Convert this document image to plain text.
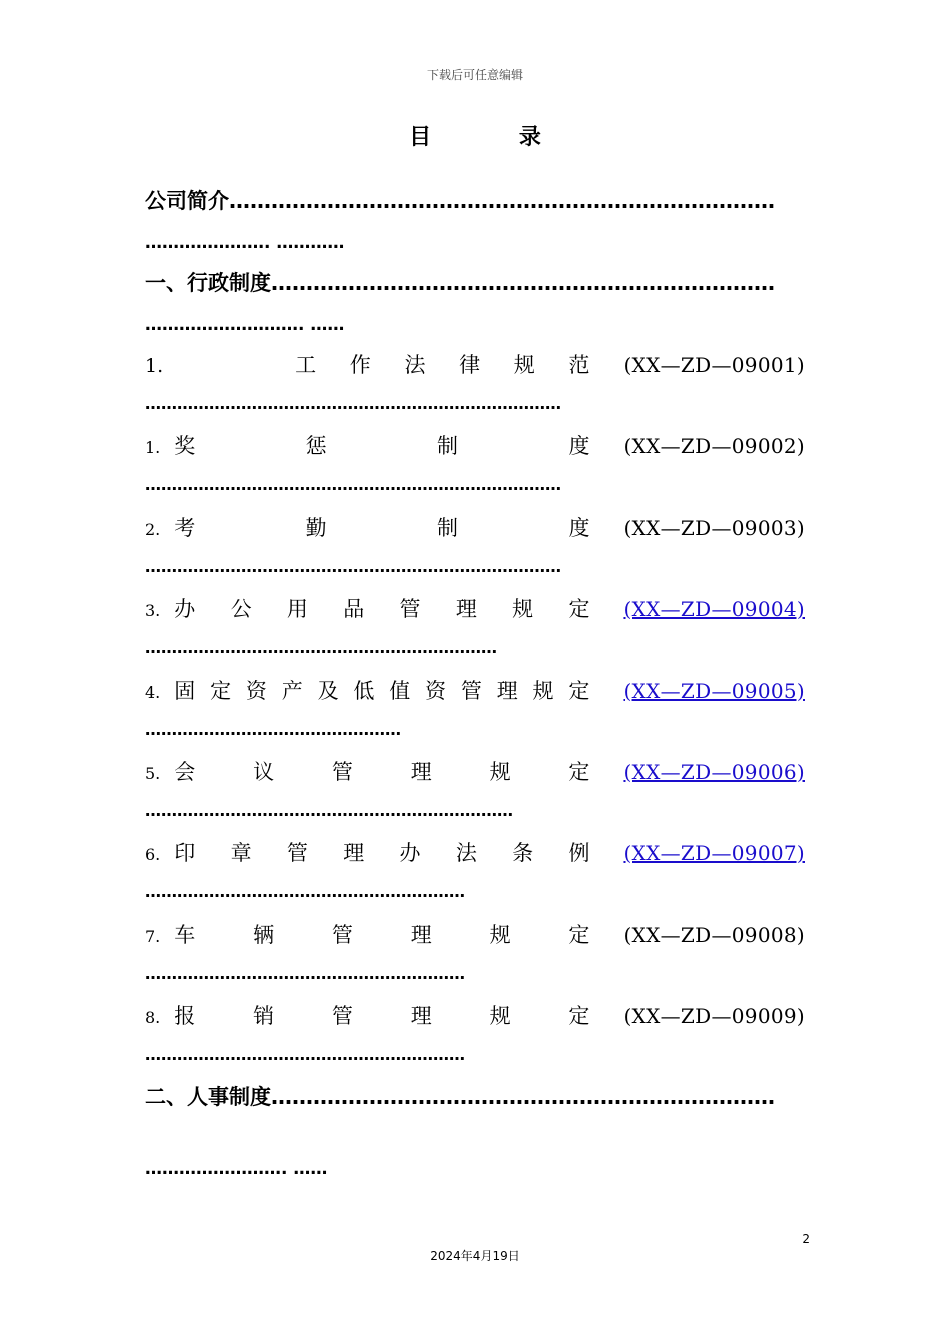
下载后可任意编辑
目 录
公司简介……………………………………………………………………
…………………. …………
一、行政制度………………………………………………………………
………………………. ……
1.	工 作 法 律 规 范 (XX—ZD—09001)
……………………………………………………………………
1. 奖	惩	制	度 (XX—ZD—09002)
……………………………………………………………………
2. 考	勤	制	度 (XX—ZD—09003)
……………………………………………………………………
3. 办 公 用 品 管 理 规 定 (XX—ZD—09004)
…………………………………………………………
4. 固 定 资 产 及 低 值 资 管 理 规 定 (XX—ZD—09005)
…………………………………………
5. 会	议	管	理	规	定 (XX—ZD—09006)
……………………………………………………………
6. 印 章 管 理 办 法 条 例 (XX—ZD—09007)
……………………………………………………
7. 车	辆	管	理	规	定 (XX—ZD—09008)
……………………………………………………
8. 报	销	管	理	规	定 (XX—ZD—09009)
……………………………………………………
二、人事制度………………………………………………………………
……………………. ……
2
2024年4月19日
